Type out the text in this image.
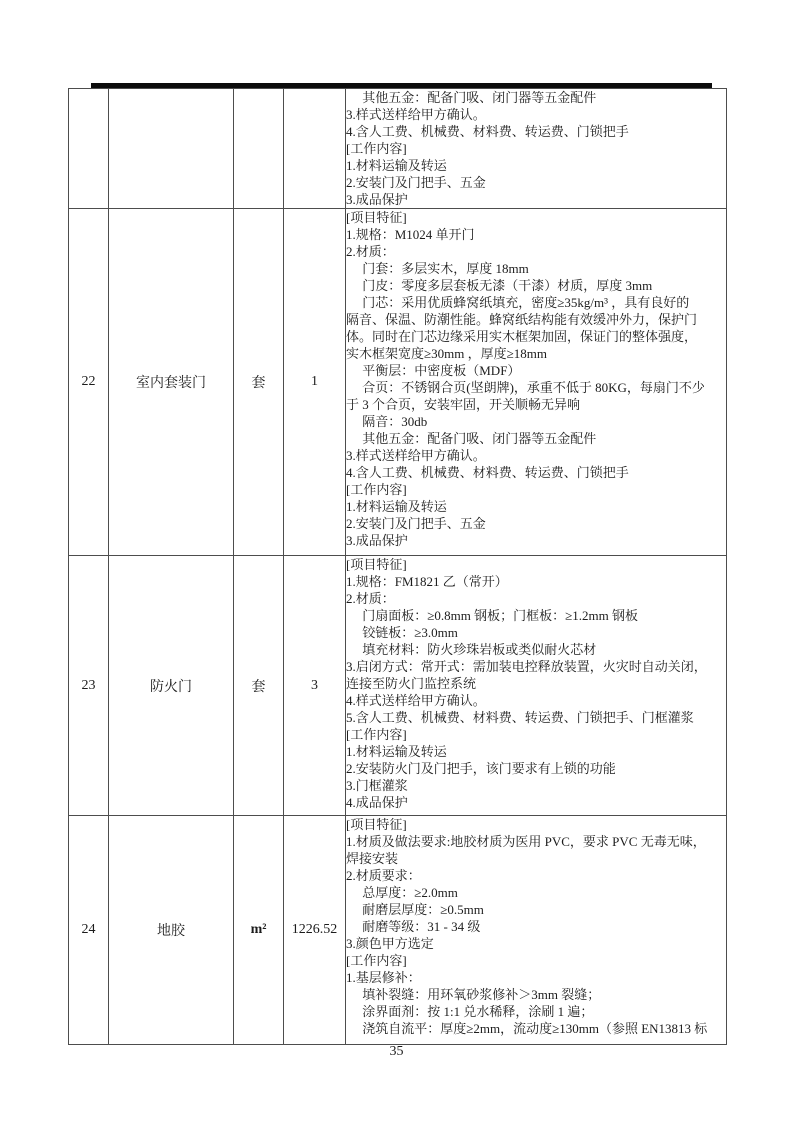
　 其他五金：配备门吸、闭门器等五金配件
3.样式送样给甲方确认。
4.含人工费、机械费、材料费、转运费、门锁把手
[工作内容]
1.材料运输及转运
2.安装门及门把手、五金
3.成品保护

22	室内套装门	套	1	
[项目特征]
1.规格：M1024 单开门
2.材质：
　 门套：多层实木，厚度 18mm
　 门皮：零度多层套板无漆（干漆）材质，厚度 3mm
　 门芯：采用优质蜂窝纸填充，密度≥35kg/m³ ，具有良好的
隔音、保温、防潮性能。蜂窝纸结构能有效缓冲外力，保护门
体。同时在门芯边缘采用实木框架加固，保证门的整体强度，
实木框架宽度≥30mm ，厚度≥18mm
　 平衡层：中密度板（MDF）
　 合页：不锈钢合页(坚朗牌)，承重不低于 80KG，每扇门不少
于 3 个合页，安装牢固，开关顺畅无异响
　 隔音：30db
　 其他五金：配备门吸、闭门器等五金配件
3.样式送样给甲方确认。
4.含人工费、机械费、材料费、转运费、门锁把手
[工作内容]
1.材料运输及转运
2.安装门及门把手、五金
3.成品保护

23	防火门	套	3	
[项目特征]
1.规格：FM1821 乙（常开）
2.材质：
　 门扇面板：≥0.8mm 钢板；门框板：≥1.2mm 钢板
　 铰链板：≥3.0mm
　 填充材料：防火珍珠岩板或类似耐火芯材
3.启闭方式：常开式：需加装电控释放装置，火灾时自动关闭，
连接至防火门监控系统
4.样式送样给甲方确认。
5.含人工费、机械费、材料费、转运费、门锁把手、门框灌浆
[工作内容]
1.材料运输及转运
2.安装防火门及门把手，该门要求有上锁的功能
3.门框灌浆
4.成品保护

24	地胶	m²	1226.52	
[项目特征]
1.材质及做法要求:地胶材质为医用 PVC，要求 PVC 无毒无味，
焊接安装
2.材质要求：
　 总厚度：≥2.0mm
　 耐磨层厚度：≥0.5mm
　 耐磨等级：31 - 34 级
3.颜色甲方选定
[工作内容]
1.基层修补：
　 填补裂缝：用环氧砂浆修补＞3mm 裂缝；
　 涂界面剂：按 1:1 兑水稀释，涂刷 1 遍；
　 浇筑自流平：厚度≥2mm，流动度≥130mm（参照 EN13813 标
35
